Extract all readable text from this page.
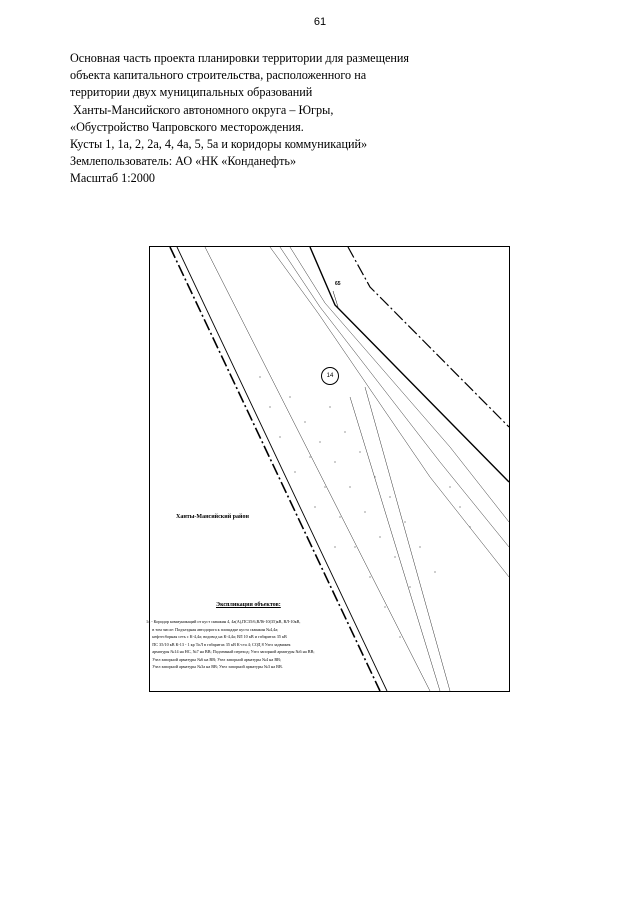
61
Основная часть проекта планировки территории для размещения
объекта капитального строительства, расположенного на
территории двух муниципальных образований
Ханты-Мансийского автономного округа – Югры,
«Обустройство Чапровского месторождения.
Кусты 1, 1а, 2, 2а, 4, 4а, 5, 5а и коридоры коммуникаций»
Землепользователь: АО «НК «Конданефть»
Масштаб 1:2000
65
14
Ханты-Мансийский район
Экспликация объектов:
14 - Коридор коммуникаций от куст скважин 4, 4а(А),ПС35/6,ВЛ6-10(35)кВ, ВЛ-10кВ,
в том числе: Подъездная автодорога к площадке куста скважин №4,4а;
нефтесборная сеть с К-4,4а; водовод на К-4,4а; ВЛ 10 кВ и габаритах 35 кВ
ПС 35/10 кВ К-13 - 1 кр ТоЛ в габаритах 35 кВ К-ста 4; СОД 8 Узел задвижек
арматуры №14 на НС, №7 на ВВ; Подземный переход; Узел запорной арматуры №6 на ВВ;
Узел запорной арматуры №6 на ВВ; Узел запорной арматуры №4 на ВВ;
Узел запорной арматуры №3а на ВВ; Узел запорной арматуры №3 на ВВ.
